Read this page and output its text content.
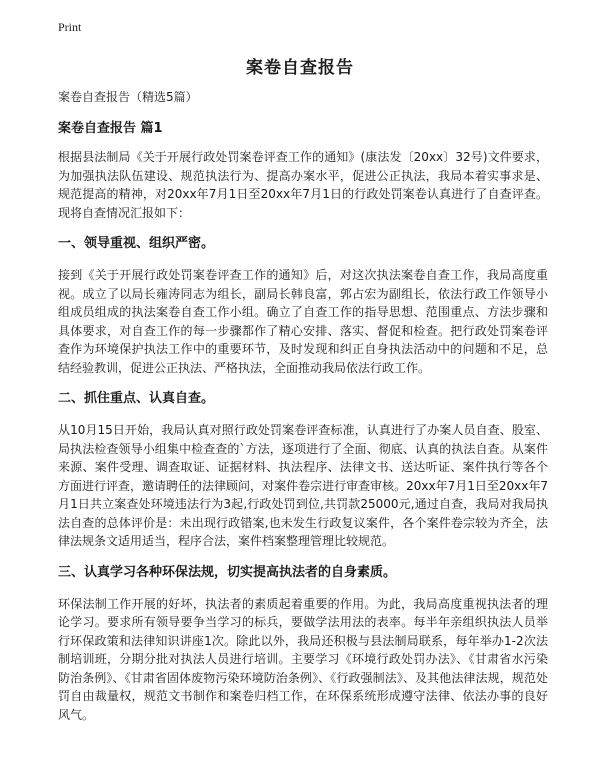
Print
案卷自查报告

案卷自查报告（精选5篇）

案卷自查报告 篇1

根据县法制局《关于开展行政处罚案卷评查工作的通知》(康法发〔20xx〕32号)文件要求，为加强执法队伍建设、规范执法行为、提高办案水平，促进公正执法，我局本着实事求是、规范提高的精神，对20xx年7月1日至20xx年7月1日的行政处罚案卷认真进行了自查评查。现将自查情况汇报如下：

一、领导重视、组织严密。

接到《关于开展行政处罚案卷评查工作的通知》后，对这次执法案卷自查工作，我局高度重视。成立了以局长雍涛同志为组长，副局长韩良富，郭占宏为副组长，依法行政工作领导小组成员组成的执法案卷自查工作小组。确立了自查工作的指导思想、范围重点、方法步骤和具体要求，对自查工作的每一步骤都作了精心安排、落实、督促和检查。把行政处罚案卷评查作为环境保护执法工作中的重要环节，及时发现和纠正自身执法活动中的问题和不足，总结经验教训，促进公正执法、严格执法，全面推动我局依法行政工作。

二、抓住重点、认真自查。

从10月15日开始，我局认真对照行政处罚案卷评查标准，认真进行了办案人员自查、股室、局执法检查领导小组集中检查查的`方法，逐项进行了全面、彻底、认真的执法自查。从案件来源、案件受理、调查取证、证据材料、执法程序、法律文书、送达听证、案件执行等各个方面进行评查，邀请聘任的法律顾问，对案件卷宗进行审查审核。20xx年7月1日至20xx年7月1日共立案查处环境违法行为3起,行政处罚到位,共罚款25000元,通过自查，我局对我局执法自查的总体评价是：未出现行政错案,也未发生行政复议案件，各个案件卷宗较为齐全，法律法规条文适用适当，程序合法，案件档案整理管理比较规范。

三、认真学习各种环保法规，切实提高执法者的自身素质。

环保法制工作开展的好坏，执法者的素质起着重要的作用。为此，我局高度重视执法者的理论学习。要求所有领导要争当学习的标兵，要做学法用法的表率。每半年亲组织执法人员举行环保政策和法律知识讲座1次。除此以外，我局还积极与县法制局联系，每年举办1-2次法制培训班，分期分批对执法人员进行培训。主要学习《环境行政处罚办法》、《甘肃省水污染防治条例》、《甘肃省固体废物污染环境防治条例》、《行政强制法》、及其他法律法规，规范处罚自由裁量权，规范文书制作和案卷归档工作，在环保系统形成遵守法律、依法办事的良好风气。
